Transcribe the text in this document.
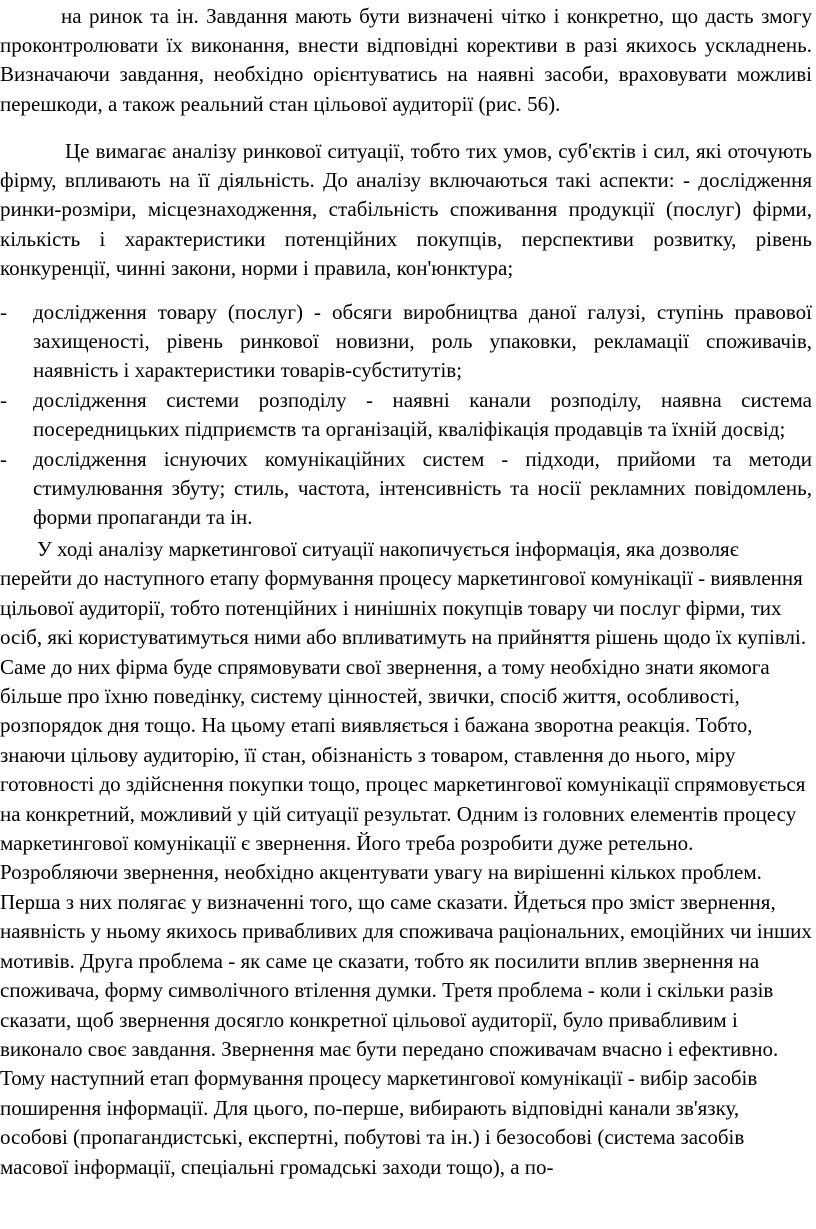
на ринок та ін. Завдання мають бути визначені чітко і конкретно, що дасть змогу проконтролювати їх виконання, внести відповідні корективи в разі якихось ускладнень. Визначаючи завдання, необхідно орієнтуватись на наявні засоби, враховувати можливі перешкоди, а також реальний стан цільової аудиторії (рис. 56).

Це вимагає аналізу ринкової ситуації, тобто тих умов, суб'єктів і сил, які оточують фірму, впливають на її діяльність. До аналізу включаються такі аспекти: - дослідження ринки-розміри, місцезнаходження, стабільність споживання продукції (послуг) фірми, кількість і характеристики потенційних покупців, перспективи розвитку, рівень конкуренції, чинні закони, норми і правила, кон'юнктура;

- дослідження товару (послуг) - обсяги виробництва даної галузі, ступінь правової захищеності, рівень ринкової новизни, роль упаковки, рекламації споживачів, наявність і характеристики товарів-субститутів;
- дослідження системи розподілу - наявні канали розподілу, наявна система посередницьких підприємств та організацій, кваліфікація продавців та їхній досвід;
- дослідження існуючих комунікаційних систем - підходи, прийоми та методи стимулювання збуту; стиль, частота, інтенсивність та носії рекламних повідомлень, форми пропаганди та ін.

У ході аналізу маркетингової ситуації накопичується інформація, яка дозволяє перейти до наступного етапу формування процесу маркетингової комунікації - виявлення цільової аудиторії, тобто потенційних і нинішніх покупців товару чи послуг фірми, тих осіб, які користуватимуться ними або впливатимуть на прийняття рішень щодо їх купівлі. Саме до них фірма буде спрямовувати свої звернення, а тому необхідно знати якомога більше про їхню поведінку, систему цінностей, звички, спосіб життя, особливості, розпорядок дня тощо. На цьому етапі виявляється і бажана зворотна реакція. Тобто, знаючи цільову аудиторію, її стан, обізнаність з товаром, ставлення до нього, міру готовності до здійснення покупки тощо, процес маркетингової комунікації спрямовується на конкретний, можливий у цій ситуації результат. Одним із головних елементів процесу маркетингової комунікації є звернення. Його треба розробити дуже ретельно. Розробляючи звернення, необхідно акцентувати увагу на вирішенні кількох проблем. Перша з них полягає у визначенні того, що саме сказати. Йдеться про зміст звернення, наявність у ньому якихось привабливих для споживача раціональних, емоційних чи інших мотивів. Друга проблема - як саме це сказати, тобто як посилити вплив звернення на споживача, форму символічного втілення думки. Третя проблема - коли і скільки разів сказати, щоб звернення досягло конкретної цільової аудиторії, було привабливим і виконало своє завдання. Звернення має бути передано споживачам вчасно і ефективно. Тому наступний етап формування процесу маркетингової комунікації - вибір засобів поширення інформації. Для цього, по-перше, вибирають відповідні канали зв'язку, особові (пропагандистські, експертні, побутові та ін.) і безособові (система засобів масової інформації, спеціальні громадські заходи тощо), а по-
